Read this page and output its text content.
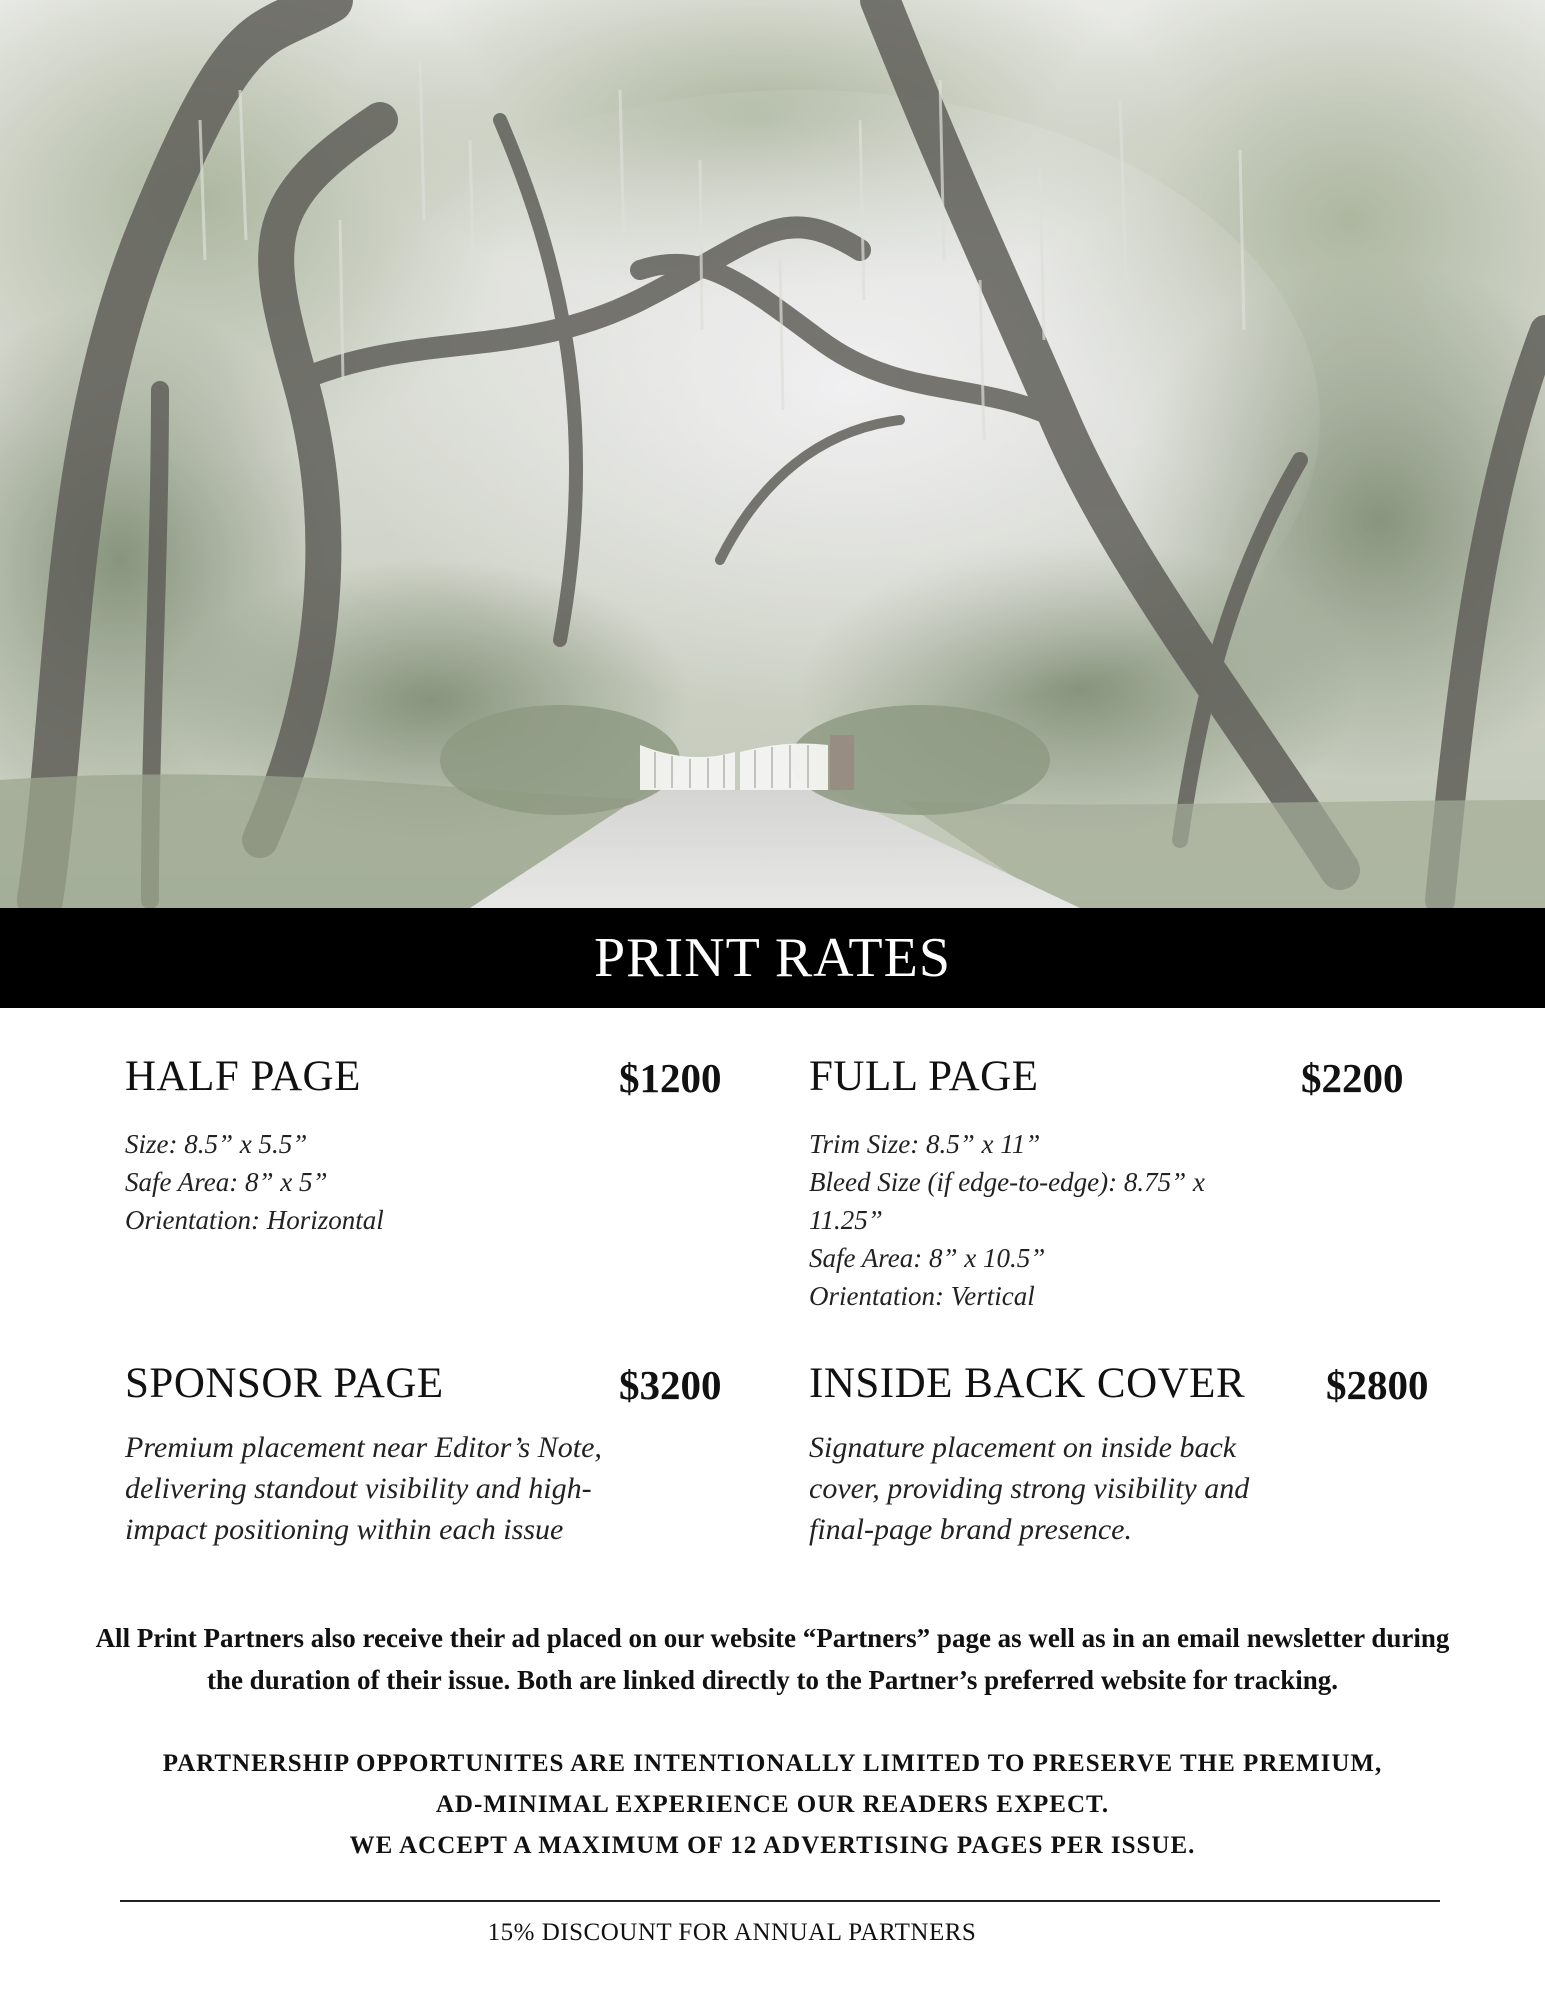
PRINT RATES
HALF PAGE	$1200
Size: 8.5” x 5.5”
Safe Area: 8” x 5”
Orientation: Horizontal
FULL PAGE	$2200
Trim Size: 8.5” x 11”
Bleed Size (if edge-to-edge): 8.75” x 11.25”
Safe Area: 8” x 10.5”
Orientation: Vertical
SPONSOR PAGE	$3200

Premium placement near Editor’s Note, delivering standout visibility and high-impact positioning within each issue

INSIDE BACK COVER $2800

Signature placement on inside back cover, providing strong visibility and final-page brand presence.

All Print Partners also receive their ad placed on our website “Partners” page as well as in an email newsletter during the duration of their issue. Both are linked directly to the Partner’s preferred website for tracking.

PARTNERSHIP OPPORTUNITES ARE INTENTIONALLY LIMITED TO PRESERVE THE PREMIUM,
AD-MINIMAL EXPERIENCE OUR READERS EXPECT.
WE ACCEPT A MAXIMUM OF 12 ADVERTISING PAGES PER ISSUE.
15% DISCOUNT FOR ANNUAL PARTNERS
